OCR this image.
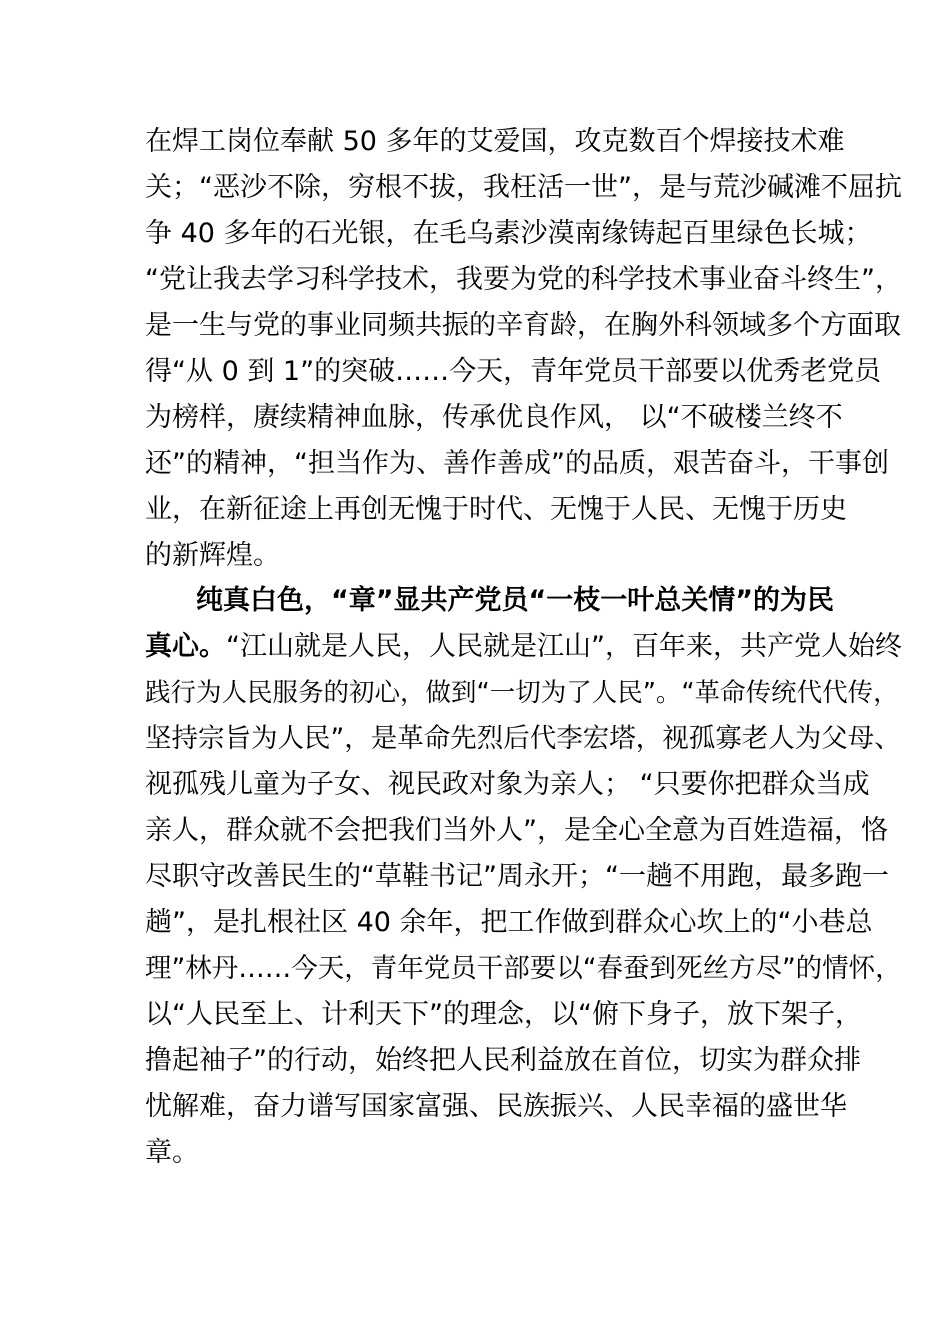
在焊工岗位奉献 50 多年的艾爱国，攻克数百个焊接技术难
关；“恶沙不除，穷根不拔，我枉活一世”，是与荒沙碱滩不屈抗
争 40 多年的石光银，在毛乌素沙漠南缘铸起百里绿色长城；
“党让我去学习科学技术，我要为党的科学技术事业奋斗终生”，
是一生与党的事业同频共振的辛育龄，在胸外科领域多个方面取
得“从 0 到 1”的突破……今天，青年党员干部要以优秀老党员
为榜样，赓续精神血脉，传承优良作风， 以“不破楼兰终不
还”的精神，“担当作为、善作善成”的品质，艰苦奋斗，干事创
业，在新征途上再创无愧于时代、无愧于人民、无愧于历史
的新辉煌。
纯真白色，“章”显共产党员“一枝一叶总关情”的为民
真心。“江山就是人民，人民就是江山”，百年来，共产党人始终
践行为人民服务的初心，做到“一切为了人民”。“革命传统代代传，
坚持宗旨为人民”，是革命先烈后代李宏塔，视孤寡老人为父母、
视孤残儿童为子女、视民政对象为亲人； “只要你把群众当成
亲人，群众就不会把我们当外人”，是全心全意为百姓造福，恪
尽职守改善民生的“草鞋书记”周永开；“一趟不用跑，最多跑一
趟”，是扎根社区 40 余年，把工作做到群众心坎上的“小巷总
理”林丹……今天，青年党员干部要以“春蚕到死丝方尽”的情怀，
以“人民至上、计利天下”的理念，以“俯下身子，放下架子，
撸起袖子”的行动，始终把人民利益放在首位，切实为群众排
忧解难，奋力谱写国家富强、民族振兴、人民幸福的盛世华
章。
